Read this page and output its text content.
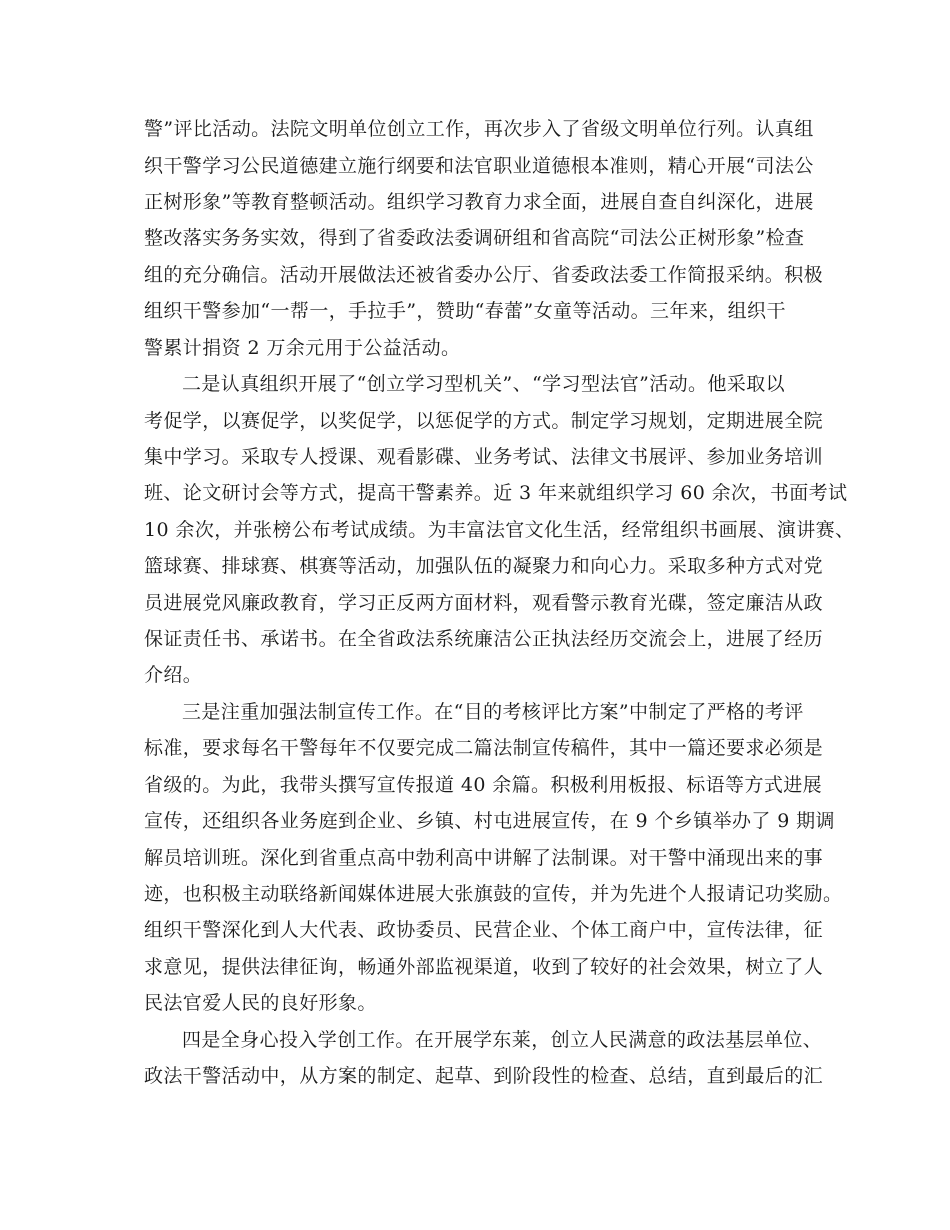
警”评比活动。法院文明单位创立工作，再次步入了省级文明单位行列。认真组
织干警学习公民道德建立施行纲要和法官职业道德根本准则，精心开展“司法公
正树形象”等教育整顿活动。组织学习教育力求全面，进展自查自纠深化，进展
整改落实务务实效，得到了省委政法委调研组和省高院“司法公正树形象”检查
组的充分确信。活动开展做法还被省委办公厅、省委政法委工作简报采纳。积极
组织干警参加“一帮一，手拉手”，赞助“春蕾”女童等活动。三年来，组织干
警累计捐资 2 万余元用于公益活动。
二是认真组织开展了“创立学习型机关”、“学习型法官”活动。他采取以
考促学，以赛促学，以奖促学，以惩促学的方式。制定学习规划，定期进展全院
集中学习。采取专人授课、观看影碟、业务考试、法律文书展评、参加业务培训
班、论文研讨会等方式，提高干警素养。近 3 年来就组织学习 60 余次，书面考试
10 余次，并张榜公布考试成绩。为丰富法官文化生活，经常组织书画展、演讲赛、
篮球赛、排球赛、棋赛等活动，加强队伍的凝聚力和向心力。采取多种方式对党
员进展党风廉政教育，学习正反两方面材料，观看警示教育光碟，签定廉洁从政
保证责任书、承诺书。在全省政法系统廉洁公正执法经历交流会上，进展了经历
介绍。
三是注重加强法制宣传工作。在“目的考核评比方案”中制定了严格的考评
标准，要求每名干警每年不仅要完成二篇法制宣传稿件，其中一篇还要求必须是
省级的。为此，我带头撰写宣传报道 40 余篇。积极利用板报、标语等方式进展
宣传，还组织各业务庭到企业、乡镇、村屯进展宣传，在 9 个乡镇举办了 9 期调
解员培训班。深化到省重点高中勃利高中讲解了法制课。对干警中涌现出来的事
迹，也积极主动联络新闻媒体进展大张旗鼓的宣传，并为先进个人报请记功奖励。
组织干警深化到人大代表、政协委员、民营企业、个体工商户中，宣传法律，征
求意见，提供法律征询，畅通外部监视渠道，收到了较好的社会效果，树立了人
民法官爱人民的良好形象。
四是全身心投入学创工作。在开展学东莱，创立人民满意的政法基层单位、
政法干警活动中，从方案的制定、起草、到阶段性的检查、总结，直到最后的汇
